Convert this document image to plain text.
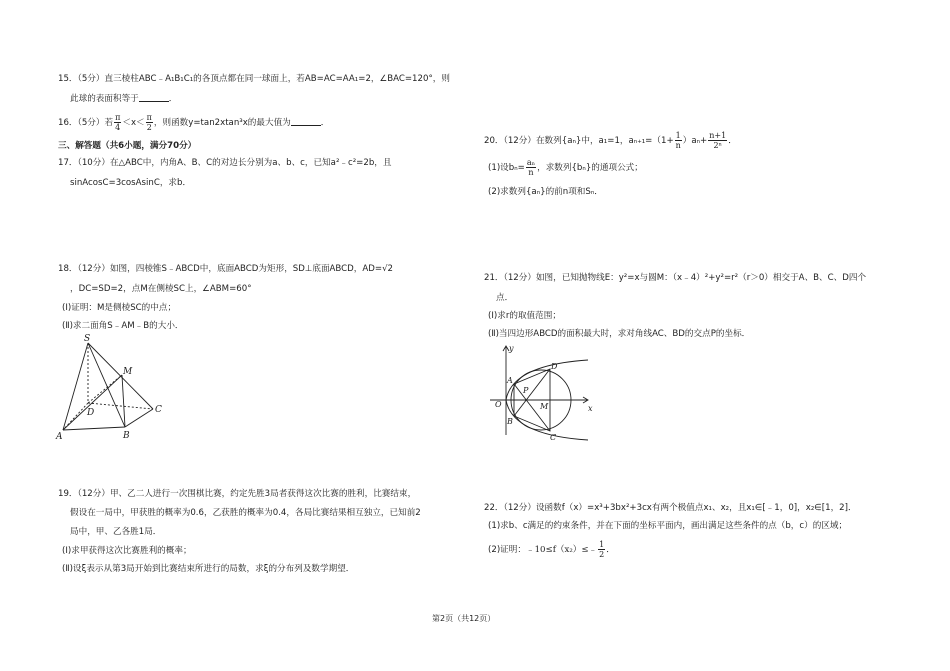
15．（5分）直三棱柱ABC﹣A₁B₁C₁的各顶点都在同一球面上，若AB=AC=AA₁=2，∠BAC=120°，则
此球的表面积等于	．
16．（5分）若 $\frac{\pi}{4} <x< \frac{\pi}{2}$ ，则函数y=tan2xtan³x的最大值为	．
三、解答题（共6小题，满分70分）
17．（10分）在△ABC中，内角A、B、C的对边长分别为a、b、c，已知a²﹣c²=2b，且
sinAcosC=3cosAsinC，求b．
18．（12分）如图，四棱锥S﹣ABCD中，底面ABCD为矩形，SD⊥底面ABCD，AD=√2
，DC=SD=2，点M在侧棱SC上，∠ABM=60°
(I)证明：M是侧棱SC的中点；
(Ⅱ)求二面角S﹣AM﹣B的大小．
S
M
D	C
A	B
19．（12分）甲、乙二人进行一次围棋比赛，约定先胜3局者获得这次比赛的胜利，比赛结束，
假设在一局中，甲获胜的概率为0.6，乙获胜的概率为0.4，各局比赛结果相互独立，已知前2
局中，甲、乙各胜1局．
(I)求甲获得这次比赛胜利的概率；
(Ⅱ)设ξ表示从第3局开始到比赛结束所进行的局数，求ξ的分布列及数学期望．
20．（12分）在数列{aₙ}中，a₁=1，$a_{n+1}=(1+ \frac{1}{n} )a_n+ \frac{n+1}{\text{2ⁿ}}$ ．
(1)设$b_n= \frac{\text{aₙ}}{n}$ ，求数列{bₙ}的通项公式；
(2)求数列{aₙ}的前n项和Sₙ．
21．（12分）如图，已知抛物线E：y²=x与圆M：（x﹣4）²+y²=r²（r＞0）相交于A、B、C、D四个
点．
(Ⅰ)求r的取值范围；
(Ⅱ)当四边形ABCD的面积最大时，求对角线AC、BD的交点P的坐标．
y
x
O
A
B
C
D
P
M
22．（12分）设函数f（x）=x³+3bx²+3cx有两个极值点x₁、x₂，且x₁∈[﹣1，0]，x₂∈[1，2]．
(1)求b、c满足的约束条件，并在下面的坐标平面内，画出满足这些条件的点（b，c）的区域；
(2)证明：﹣10≤f（x₂）≤﹣ $\frac{1}{2}$ ．
第2页（共12页）
